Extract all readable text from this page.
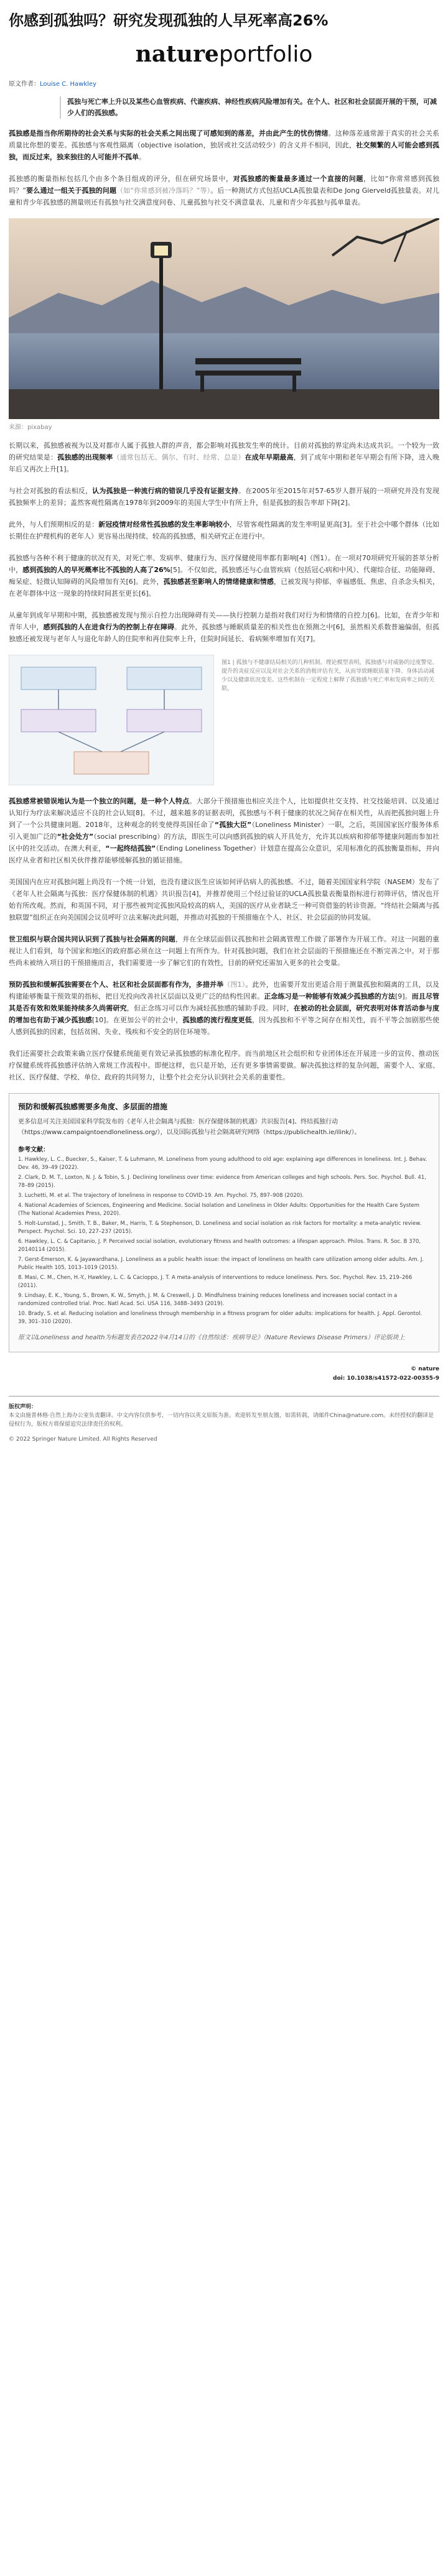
你感到孤独吗？研究发现孤独的人早死率高26%
natureportfolio
原文作者：Louise C. Hawkley
孤独与死亡率上升以及某些心血管疾病、代谢疾病、神经性疾病风险增加有关。在个人、社区和社会层面开展的干预，可减少人们的孤独感。

孤独感是指当你所期待的社会关系与实际的社会关系之间出现了可感知到的落差，并由此产生的忧伤情绪。这种落差通常源于真实的社会关系质量比你想的要差。孤独感与客观性隔离（objective isolation，独居或社交活动较少）的含义并不相同，因此，社交频繁的人可能会感到孤独，而反过来，独来独往的人可能并不孤单。

孤独感的衡量指标包括几个由多个条目组成的评分，但在研究场景中，对孤独感的衡量最多通过一个直接的问题，比如“你常常感到孤独吗？”要么通过一组关于孤独的问题（如“你常感到被冷落吗？”等）。后一种测试方式包括UCLA孤独量表和De Jong Gierveld孤独量表。对儿童和青少年孤独感的测量则还有孤独与社交满意度问卷、儿童孤独与社交不满意量表、儿童和青少年孤独与孤单量表。

来源：pixabay

长期以来，孤独感被视为以及对都市人属于孤独人群的声音，都会影响对孤独发生率的统计。目前对孤独的界定尚未达成共识。一个较为一致的研究结果是：孤独感的出现频率（通常包括无、偶尔、有时、经常、总是）在成年早期最高，到了成年中期和老年早期会有所下降，进入晚年后又再次上升[1]。

与社会对孤独的看法相反，认为孤独是一种流行病的错误几乎没有证据支持。在2005年至2015年对57-65岁人群开展的一项研究并没有发现孤独频率上的差异；盖然客观性隔离在1978年到2009年的美国大学生中有所上升，但是孤独的报告率却下降[2]。

此外，与人们预期相反的是：新冠疫情对经常性孤独感的发生率影响较小，尽管客观性隔离的发生率明显更高[3]。至于社会中哪个群体（比如长期住在护理机构的老年人）更容易出现持续、较高的孤独感，相关研究正在进行中。

孤独感与各种不利于健康的状况有关，对死亡率、发病率、健康行为、医疗保健使用率都有影响[4]（图1）。在一项对70项研究开展的荟萃分析中，感到孤独的人的早死概率比不孤独的人高了26%[5]。不仅如此，孤独感还与心血管疾病（包括冠心病和中风）、代谢综合征、功能障碍、痴呆症、轻微认知障碍的风险增加有关[6]。此外，孤独感甚至影响人的情绪健康和情感，已被发现与抑郁、幸福感低、焦虑、自杀念头相关，在老年群体中这一现象的持续时间甚至更长[6]。

从童年到成年早期和中期，孤独感被发现与预示自控力出现障碍有关——执行控制力是指对我们对行为和情绪的自控力[6]。比如，在青少年和青年人中，感到孤独的人在进食行为的控制上存在障碍。此外，孤独感与睡眠质量差的相关性也在预测之中[6]，虽然相关系数普遍偏弱，但孤独感还被发现与老年人与退化年龄人的住院率和再住院率上升，住院时间延长、看病频率增加有关[7]。

图1 | 孤独与不健康结局相关的几种机制。理论模型表明，孤独感与对威胁的过度警觉、提升的炎症反应以及对社会关系的消极评估有关，从而导致睡眠质量下降、身体活动减少以及健康状况变差。这些机制在一定程度上解释了孤独感与死亡率和发病率之间的关联。

孤独感常被错误地认为是一个独立的问题，是一种个人特点。大部分干预措施也相应关注个人，比如提供社交支持、社交技能培训、以及通过认知行为疗法来解决适应不良的社会认知[8]。不过，越来越多的证据表明，孤独感与不利于健康的状况之间存在相关性，从而把孤独问题上升到了一个公共健康问题。2018年，这种观念的转变使得英国任命了“孤独大臣”（Loneliness Minister）一职，之后，英国国家医疗服务体系引入更加广泛的“社会处方”（social prescribing）的方法，即医生可以向感到孤独的病人开具处方，允许其以疾病和抑郁等健康问题而参加社区中的社交活动。在澳大利亚，“一起终结孤独”（Ending Loneliness Together）计划意在提高公众意识，采用标准化的孤独衡量指标，并向医疗从业者和社区相关伙伴推荐能够缓解孤独的循证措施。

美国国内在应对孤独问题上尚没有一个统一计划，也没有建议医生应该如何评估病人的孤独感。不过，随着美国国家科学院（NASEM）发布了《老年人社会隔离与孤独：医疗保健体制的机遇》共识报告[4]，并推荐使用三个经过验证的UCLA孤独量表衡量指标进行初筛评估，情况也开始有所改观。然而，和英国不同，对于那些被判定孤独风险较高的病人，美国的医疗从业者缺乏一种可资借鉴的转诊资源。“终结社会隔离与孤独联盟”组织正在向美国国会议员呼吁立法来解决此问题，并推动对孤独的干预措施在个人、社区、社会层面的协同发展。

世卫组织与联合国共同认识到了孤独与社会隔离的问题，并在全球层面倡议孤独和社会隔离管理工作做了部署作为开展工作。对这一问题的重视让人们看到，每个国家和地区的政府都必须在这一问题上有所作为。针对孤独问题，我们在社会层面的干预措施还在不断完善之中。对于那些尚未被纳入项目的干预措施而言，我们需要进一步了解它们的有效性，目前的研究还需加入更多的社会变量。

预防孤独和缓解孤独需要在个人、社区和社会层面都有作为，多措并举（图1）。此外，也需要开发出更适合用于测量孤独和隔离的工具，以及构建能够衡量干预效果的指标，把目光投向改善社区层面以及更广泛的结构性因素。正念练习是一种能够有效减少孤独感的方法[9]。而且尽管其是否有效和效果能持续多久尚需研究，但正念练习可以作为减轻孤独感的辅助手段。同时，在被动的社会层面，研究表明对体育活动参与度的增加也有助于减少孤独感[10]。在更加公平的社会中，孤独感的流行程度更低，因为孤独和不平等之间存在相关性，而不平等会加剧那些使人感到孤独的因素，包括贫困、失业、残疾和不安全的居住环境等。

我们还需要社会政策来确立医疗保健系统能更有效记录孤独感的标准化程序。而当前地区社会组织和专业团体还在开展进一步的宣传、推动医疗保健系统将孤独感评估纳入常规工作流程中。即便这样，也只是开始，还有更多事情需要做。解决孤独这样的复杂问题，需要个人、家庭、社区、医疗保健、学校、单位、政府的共同努力，让整个社会充分认识到社会关系的重要性。

预防和缓解孤独感需要多角度、多层面的措施

更多信息可关注美国国家科学院发布的《老年人社会隔离与孤独：医疗保健体制的机遇》共识报告[4]、终结孤独行动（https://www.campaigntoendloneliness.org/），以及国际孤独与社会隔离研究网络（https://publichealth.ie/ilink/）。

参考文献：
1. Hawkley, L. C., Buecker, S., Kaiser, T. & Luhmann, M. Loneliness from young adulthood to old age: explaining age differences in loneliness. Int. J. Behav. Dev. 46, 39–49 (2022).
2. Clark, D. M. T., Loxton, N. J. & Tobin, S. J. Declining loneliness over time: evidence from American colleges and high schools. Pers. Soc. Psychol. Bull. 41, 78–89 (2015).
3. Luchetti, M. et al. The trajectory of loneliness in response to COVID-19. Am. Psychol. 75, 897–908 (2020).
4. National Academies of Sciences, Engineering and Medicine. Social Isolation and Loneliness in Older Adults: Opportunities for the Health Care System (The National Academies Press, 2020).
5. Holt-Lunstad, J., Smith, T. B., Baker, M., Harris, T. & Stephenson, D. Loneliness and social isolation as risk factors for mortality: a meta-analytic review. Perspect. Psychol. Sci. 10, 227–237 (2015).
6. Hawkley, L. C. & Capitanio, J. P. Perceived social isolation, evolutionary fitness and health outcomes: a lifespan approach. Philos. Trans. R. Soc. B 370, 20140114 (2015).
7. Gerst-Emerson, K. & Jayawardhana, J. Loneliness as a public health issue: the impact of loneliness on health care utilization among older adults. Am. J. Public Health 105, 1013–1019 (2015).
8. Masi, C. M., Chen, H.-Y., Hawkley, L. C. & Cacioppo, J. T. A meta-analysis of interventions to reduce loneliness. Pers. Soc. Psychol. Rev. 15, 219–266 (2011).
9. Lindsay, E. K., Young, S., Brown, K. W., Smyth, J. M. & Creswell, J. D. Mindfulness training reduces loneliness and increases social contact in a randomized controlled trial. Proc. Natl Acad. Sci. USA 116, 3488–3493 (2019).
10. Brady, S. et al. Reducing isolation and loneliness through membership in a fitness program for older adults: implications for health. J. Appl. Gerontol. 39, 301–310 (2020).
原文以Loneliness and health为标题发表在2022年4月14日的《自然综述：疾病导论》（Nature Reviews Disease Primers）评论版块上
© nature
doi: 10.1038/s41572-022-00355-9
版权声明：
本文由施普林格·自然上海办公室负责翻译。中文内容仅供参考，一切内容以英文原版为准。欢迎转发至朋友圈，如需转载，请邮件China@nature.com。未经授权的翻译是侵权行为，版权方将保留追究法律责任的权利。
© 2022 Springer Nature Limited. All Rights Reserved
